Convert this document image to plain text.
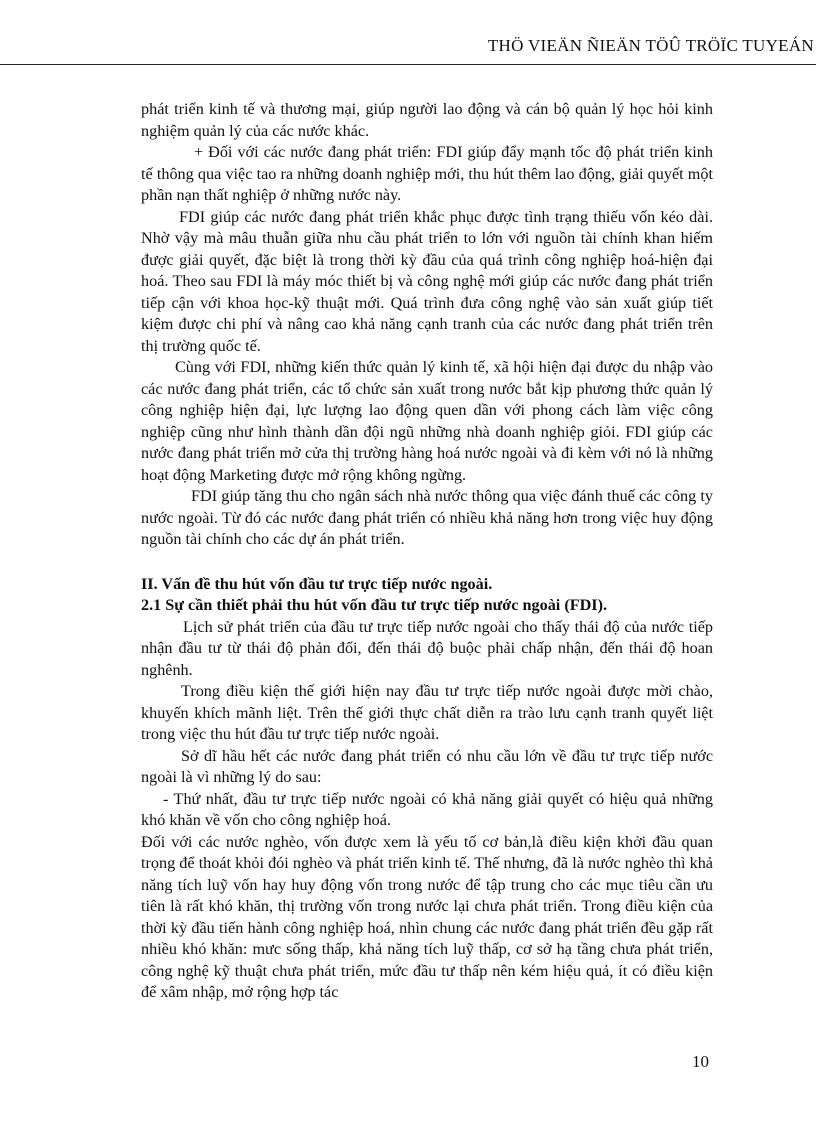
THÖ VIEÄN ÑIEÄN TÖÛ TRÖÏC TUYEÁN

phát triển kinh tế và thương mại, giúp người lao động và cán bộ quản lý học hỏi kinh nghiệm quản lý của các nước khác.

+ Đối với các nước đang phát triển: FDI giúp đẩy mạnh tốc độ phát triển kinh tế thông qua việc tao ra những doanh nghiệp mới, thu hút thêm lao động, giải quyết một phần nạn thất nghiệp ở những nước này.

FDI giúp các nước đang phát triển khắc phục được tình trạng thiếu vốn kéo dài. Nhờ vậy mà mâu thuẫn giữa nhu cầu phát triển to lớn với nguồn tài chính khan hiếm được giải quyết, đặc biệt là trong thời kỳ đầu của quá trình công nghiệp hoá-hiện đại hoá. Theo sau FDI là máy móc thiết bị và công nghệ mới giúp các nước đang phát triển tiếp cận với khoa học-kỹ thuật mới. Quá trình đưa công nghệ vào sản xuất giúp tiết kiệm được chi phí và nâng cao khả năng cạnh tranh của các nước đang phát triển trên thị trường quốc tế.

Cùng với FDI, những kiến thức quản lý kinh tế, xã hội hiện đại được du nhập vào các nước đang phát triển, các tổ chức sản xuất trong nước bắt kịp phương thức quản lý công nghiệp hiện đại, lực lượng lao động quen dần với phong cách làm việc công nghiệp cũng như hình thành dần đội ngũ những nhà doanh nghiệp giỏi. FDI giúp các nước đang phát triển mở cửa thị trường hàng hoá nước ngoài và đi kèm với nó là những hoạt động Marketing được mở rộng không ngừng.

FDI giúp tăng thu cho ngân sách nhà nước thông qua việc đánh thuế các công ty nước ngoài. Từ đó các nước đang phát triển có nhiều khả năng hơn trong việc huy động nguồn tài chính cho các dự án phát triển.

II. Vấn đề thu hút vốn đầu tư trực tiếp nước ngoài.

2.1 Sự cần thiết phải thu hút vốn đầu tư trực tiếp nước ngoài (FDI).

Lịch sử phát triển của đầu tư trực tiếp nước ngoài cho thấy thái độ của nước tiếp nhận đầu tư từ thái độ phản đối, đến thái độ buộc phải chấp nhận, đến thái độ hoan nghênh.

Trong điều kiện thế giới hiện nay đầu tư trực tiếp nước ngoài được mời chào, khuyến khích mãnh liệt. Trên thế giới thực chất diễn ra trào lưu cạnh tranh quyết liệt trong việc thu hút đầu tư trực tiếp nước ngoài.

Sở dĩ hầu hết các nước đang phát triển có nhu cầu lớn về đầu tư trực tiếp nước ngoài là vì những lý do sau:

- Thứ nhất, đầu tư trực tiếp nước ngoài có khả năng giải quyết có hiệu quả những khó khăn về vốn cho công nghiệp hoá.

Đối với các nước nghèo, vốn được xem là yếu tố cơ bản,là điều kiện khởi đầu quan trọng để thoát khỏi đói nghèo và phát triển kinh tế. Thế nhưng, đã là nước nghèo thì khả năng tích luỹ vốn hay huy động vốn trong nước để tập trung cho các mục tiêu cần ưu tiên là rất khó khăn, thị trường vốn trong nước lại chưa phát triển. Trong điều kiện của thời kỳ đầu tiến hành công nghiệp hoá, nhìn chung các nước đang phát triển đều gặp rất nhiều khó khăn: mưc sống thấp, khả năng tích luỹ thấp, cơ sở hạ tầng chưa phát triển, công nghệ kỹ thuật chưa phát triển, mức đầu tư thấp nên kém hiệu quả, ít có điều kiện để xâm nhập, mở rộng hợp tác

10
